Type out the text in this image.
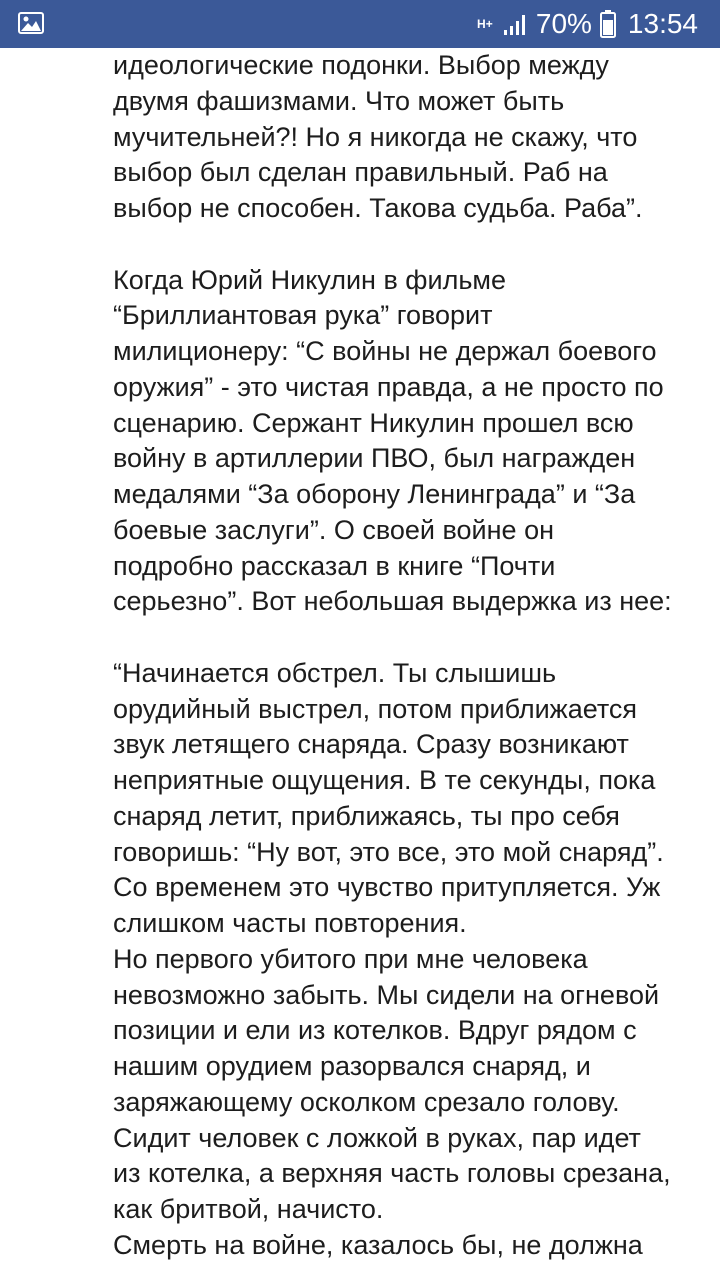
H+ 70% 13:54
идеологические подонки. Выбор между
двумя фашизмами. Что может быть
мучительней?! Но я никогда не скажу, что
выбор был сделан правильный. Раб на
выбор не способен. Такова судьба. Раба”.
Когда Юрий Никулин в фильме
“Бриллиантовая рука” говорит
милиционеру: “С войны не держал боевого
оружия” - это чистая правда, а не просто по
сценарию. Сержант Никулин прошел всю
войну в артиллерии ПВО, был награжден
медалями “За оборону Ленинграда” и “За
боевые заслуги”. О своей войне он
подробно рассказал в книге “Почти
серьезно”. Вот небольшая выдержка из нее:
“Начинается обстрел. Ты слышишь
орудийный выстрел, потом приближается
звук летящего снаряда. Сразу возникают
неприятные ощущения. В те секунды, пока
снаряд летит, приближаясь, ты про себя
говоришь: “Ну вот, это все, это мой снаряд”.
Со временем это чувство притупляется. Уж
слишком часты повторения.
Но первого убитого при мне человека
невозможно забыть. Мы сидели на огневой
позиции и ели из котелков. Вдруг рядом с
нашим орудием разорвался снаряд, и
заряжающему осколком срезало голову.
Сидит человек с ложкой в руках, пар идет
из котелка, а верхняя часть головы срезана,
как бритвой, начисто.
Смерть на войне, казалось бы, не должна
